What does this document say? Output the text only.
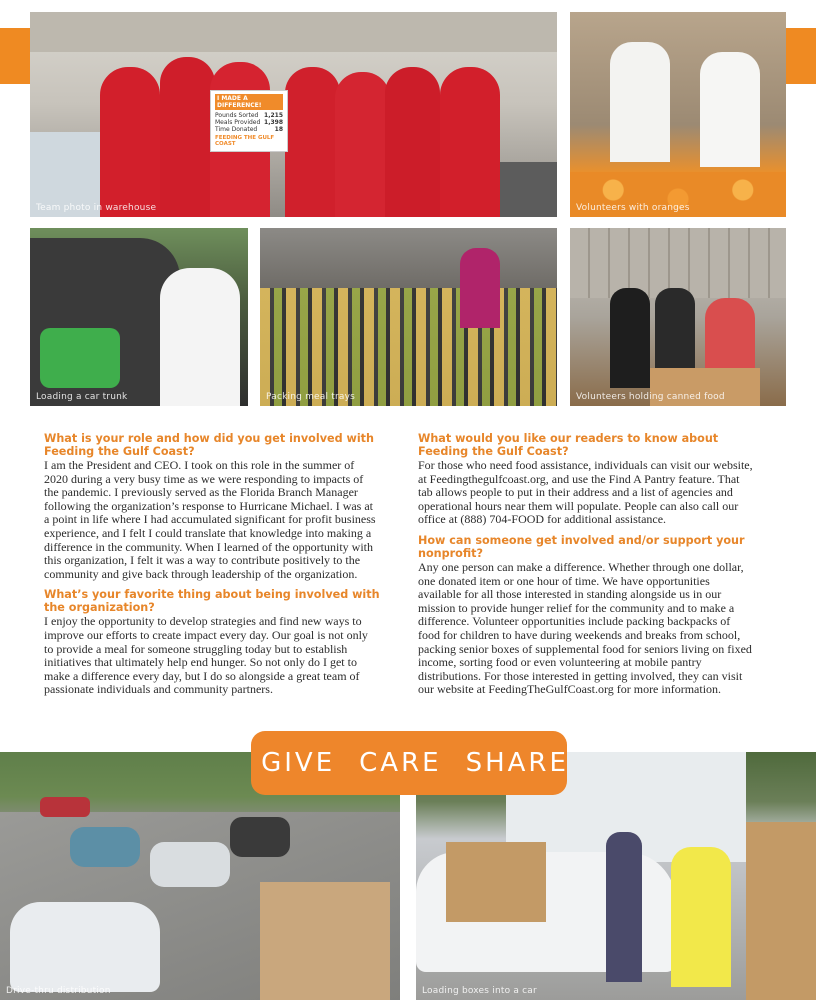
I MADE A DIFFERENCE!
Pounds Sorted 1,215
Meals Provided 1,398
Time Donated	18
FEEDING THE GULF COAST
Team photo in warehouse	Volunteers with oranges
Loading a car trunk	Packing meal trays	Volunteers holding canned food
What is your role and how did you get involved with Feeding the Gulf Coast?
I am the President and CEO. I took on this role in the summer of 2020 during a very busy time as we were responding to impacts of the pandemic. I previously served as the Florida Branch Manager following the organization’s response to Hurricane Michael. I was at a point in life where I had accumulated significant for profit business experience, and I felt I could translate that knowledge into making a difference in the community. When I learned of the opportunity with this organization, I felt it was a way to contribute positively to the community and give back through leadership of the organization.
What’s your favorite thing about being involved with the organization?
I enjoy the opportunity to develop strategies and find new ways to improve our efforts to create impact every day. Our goal is not only to provide a meal for someone struggling today but to establish initiatives that ultimately help end hunger. So not only do I get to make a difference every day, but I do so alongside a great team of passionate individuals and community partners.
What would you like our readers to know about Feeding the Gulf Coast?
For those who need food assistance, individuals can visit our website, at Feedingthegulfcoast.org, and use the Find A Pantry feature. That tab allows people to put in their address and a list of agencies and operational hours near them will populate. People can also call our office at (888) 704-FOOD for additional assistance.
How can someone get involved and/or support your nonprofit?
Any one person can make a difference. Whether through one dollar, one donated item or one hour of time. We have opportunities available for all those interested in standing alongside us in our mission to provide hunger relief for the community and to make a difference. Volunteer opportunities include packing backpacks of food for children to have during weekends and breaks from school, packing senior boxes of supplemental food for seniors living on fixed income, sorting food or even volunteering at mobile pantry distributions. For those interested in getting involved, they can visit our website at FeedingTheGulfCoast.org for more information.
Drive-thru distribution	Loading boxes into a car
GIVE CARE SHARE
